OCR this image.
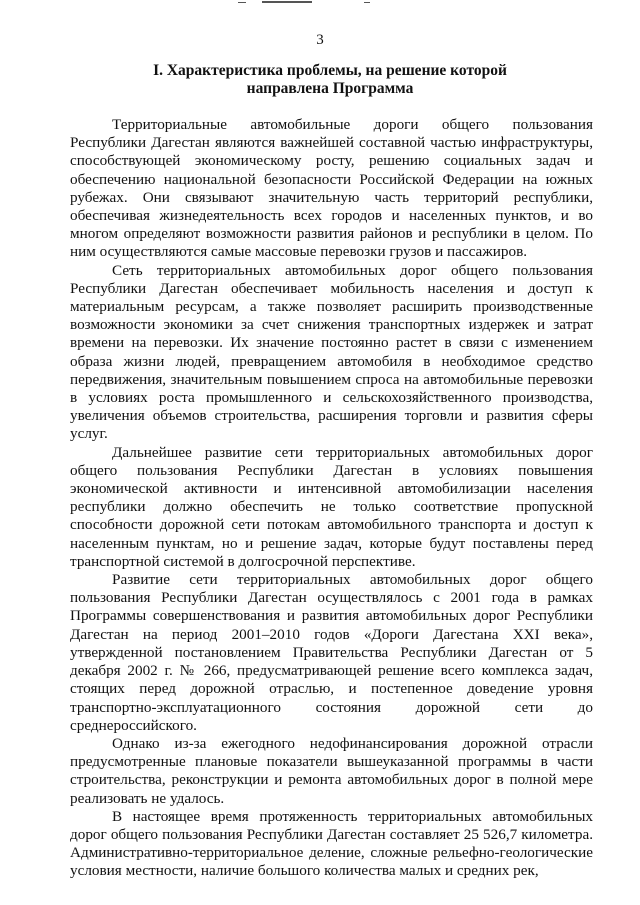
3
I. Характеристика проблемы, на решение которой направлена Программа

Территориальные автомобильные дороги общего пользования Республики Дагестан являются важнейшей составной частью инфраструктуры, способствующей экономическому росту, решению социальных задач и обеспечению национальной безопасности Российской Федерации на южных рубежах. Они связывают значительную часть территорий республики, обеспечивая жизнедеятельность всех городов и населенных пунктов, и во многом определяют возможности развития районов и республики в целом. По ним осуществляются самые массовые перевозки грузов и пассажиров.

Сеть территориальных автомобильных дорог общего пользования Республики Дагестан обеспечивает мобильность населения и доступ к материальным ресурсам, а также позволяет расширить производственные возможности экономики за счет снижения транспортных издержек и затрат времени на перевозки. Их значение постоянно растет в связи с изменением образа жизни людей, превращением автомобиля в необходимое средство передвижения, значительным повышением спроса на автомобильные перевозки в условиях роста промышленного и сельскохозяйственного производства, увеличения объемов строительства, расширения торговли и развития сферы услуг.

Дальнейшее развитие сети территориальных автомобильных дорог общего пользования Республики Дагестан в условиях повышения экономической активности и интенсивной автомобилизации населения республики должно обеспечить не только соответствие пропускной способности дорожной сети потокам автомобильного транспорта и доступ к населенным пунктам, но и решение задач, которые будут поставлены перед транспортной системой в долгосрочной перспективе.

Развитие сети территориальных автомобильных дорог общего пользования Республики Дагестан осуществлялось с 2001 года в рамках Программы совершенствования и развития автомобильных дорог Республики Дагестан на период 2001–2010 годов «Дороги Дагестана XXI века», утвержденной постановлением Правительства Республики Дагестан от 5 декабря 2002 г. № 266, предусматривающей решение всего комплекса задач, стоящих перед дорожной отраслью, и постепенное доведение уровня транспортно-эксплуатационного состояния дорожной сети до среднероссийского.

Однако из-за ежегодного недофинансирования дорожной отрасли предусмотренные плановые показатели вышеуказанной программы в части строительства, реконструкции и ремонта автомобильных дорог в полной мере реализовать не удалось.

В настоящее время протяженность территориальных автомобильных дорог общего пользования Республики Дагестан составляет 25 526,7 километра. Административно-территориальное деление, сложные рельефно-геологические условия местности, наличие большого количества малых и средних рек,
